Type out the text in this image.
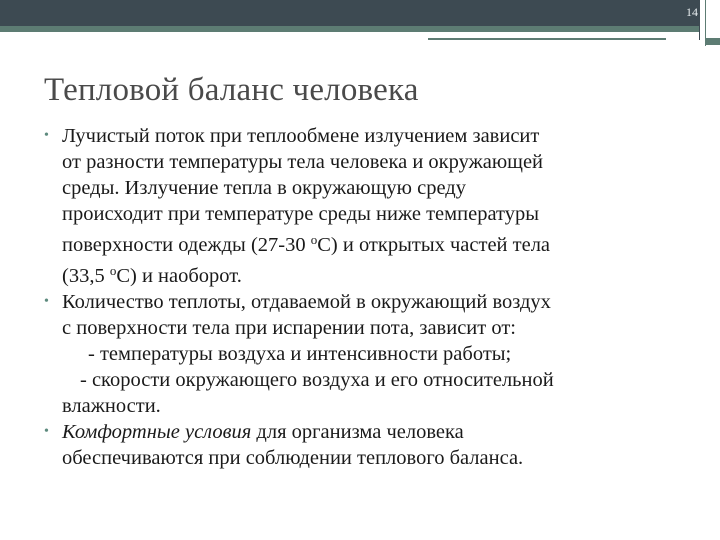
14
Тепловой баланс человека
• Лучистый поток при теплообмене излучением зависит
от разности температуры тела человека и окружающей
среды. Излучение тепла в окружающую среду
происходит при температуре среды ниже температуры
поверхности одежды (27-30 $^о$С) и открытых частей тела
(33,5 $^о$С) и наоборот.
• Количество теплоты, отдаваемой в окружающий воздух
с поверхности тела при испарении пота, зависит от:
- температуры воздуха и интенсивности работы;
- скорости окружающего воздуха и его относительной
влажности.
• Комфортные условия для организма человека
обеспечиваются при соблюдении теплового баланса.
